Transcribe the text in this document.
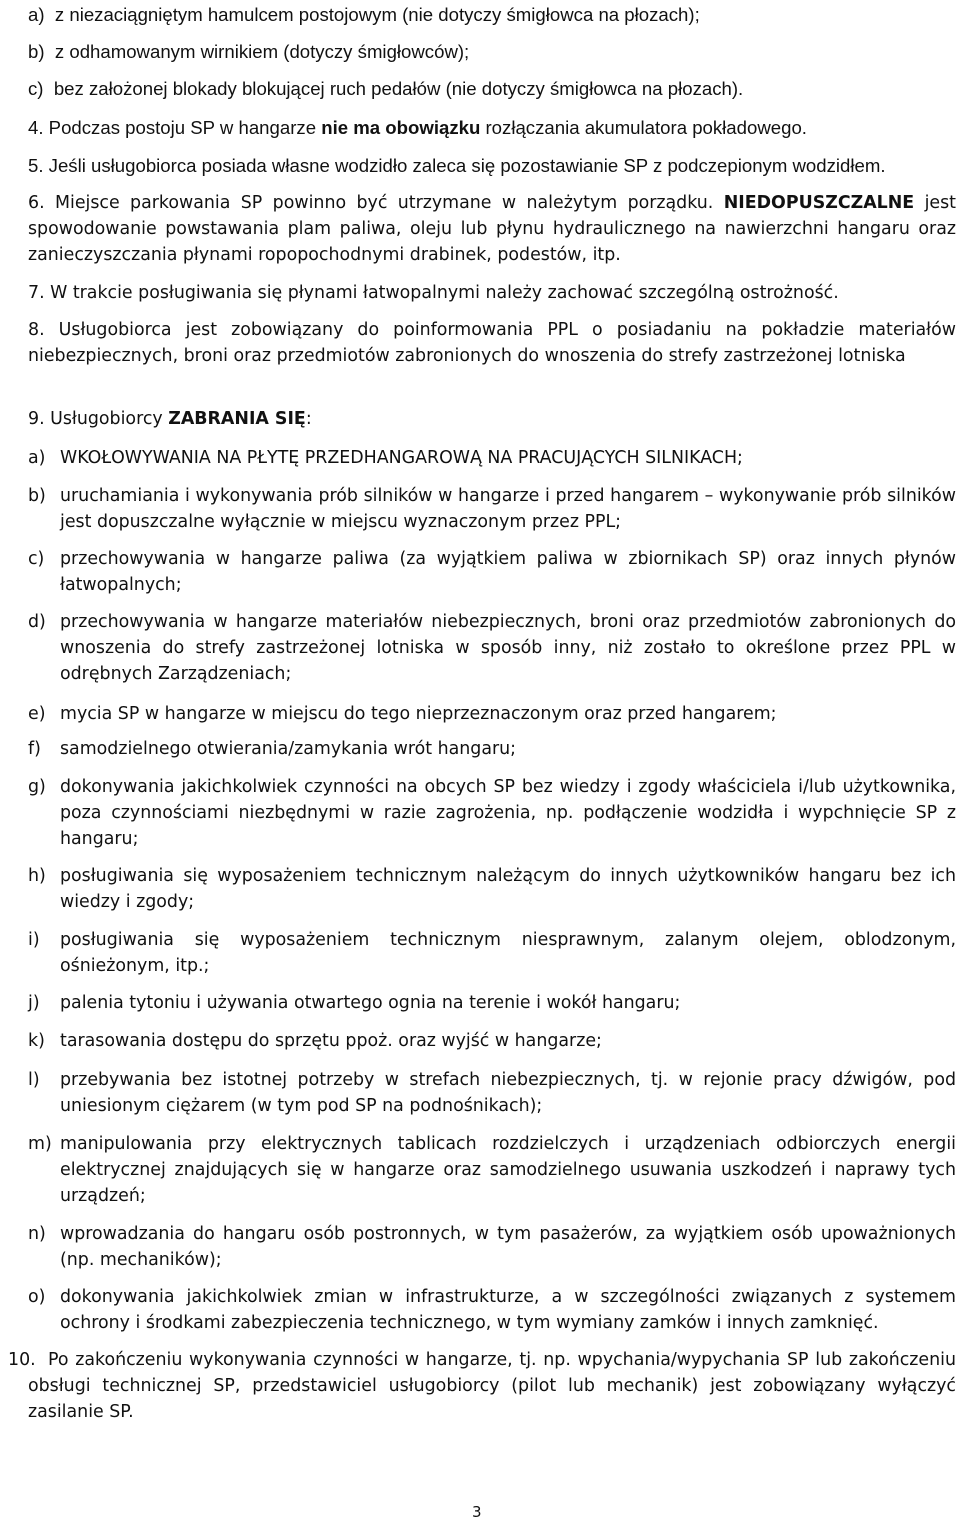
a) z niezaciągniętym hamulcem postojowym (nie dotyczy śmigłowca na płozach);

b) z odhamowanym wirnikiem (dotyczy śmigłowców);

c) bez założonej blokady blokującej ruch pedałów (nie dotyczy śmigłowca na płozach).

4. Podczas postoju SP w hangarze nie ma obowiązku rozłączania akumulatora pokładowego.

5. Jeśli usługobiorca posiada własne wodzidło zaleca się pozostawianie SP z podczepionym wodzidłem.

6. Miejsce parkowania SP powinno być utrzymane w należytym porządku. NIEDOPUSZCZALNE jest spowodowanie powstawania plam paliwa, oleju lub płynu hydraulicznego na nawierzchni hangaru oraz zanieczyszczania płynami ropopochodnymi drabinek, podestów, itp.

7. W trakcie posługiwania się płynami łatwopalnymi należy zachować szczególną ostrożność.

8. Usługobiorca jest zobowiązany do poinformowania PPL o posiadaniu na pokładzie materiałów niebezpiecznych, broni oraz przedmiotów zabronionych do wnoszenia do strefy zastrzeżonej lotniska

9. Usługobiorcy ZABRANIA SIĘ:

a) WKOŁOWYWANIA NA PŁYTĘ PRZEDHANGAROWĄ NA PRACUJĄCYCH SILNIKACH;
b) uruchamiania i wykonywania prób silników w hangarze i przed hangarem – wykonywanie prób silników jest dopuszczalne wyłącznie w miejscu wyznaczonym przez PPL;
c) przechowywania w hangarze paliwa (za wyjątkiem paliwa w zbiornikach SP) oraz innych płynów łatwopalnych;
d) przechowywania w hangarze materiałów niebezpiecznych, broni oraz przedmiotów zabronionych do wnoszenia do strefy zastrzeżonej lotniska w sposób inny, niż zostało to określone przez PPL w odrębnych Zarządzeniach;
e) mycia SP w hangarze w miejscu do tego nieprzeznaczonym oraz przed hangarem;
f) samodzielnego otwierania/zamykania wrót hangaru;
g) dokonywania jakichkolwiek czynności na obcych SP bez wiedzy i zgody właściciela i/lub użytkownika, poza czynnościami niezbędnymi w razie zagrożenia, np. podłączenie wodzidła i wypchnięcie SP z hangaru;
h) posługiwania się wyposażeniem technicznym należącym do innych użytkowników hangaru bez ich wiedzy i zgody;
i) posługiwania się wyposażeniem technicznym niesprawnym, zalanym olejem, oblodzonym, ośnieżonym, itp.;
j) palenia tytoniu i używania otwartego ognia na terenie i wokół hangaru;
k) tarasowania dostępu do sprzętu ppoż. oraz wyjść w hangarze;
l) przebywania bez istotnej potrzeby w strefach niebezpiecznych, tj. w rejonie pracy dźwigów, pod uniesionym ciężarem (w tym pod SP na podnośnikach);
m) manipulowania przy elektrycznych tablicach rozdzielczych i urządzeniach odbiorczych energii elektrycznej znajdujących się w hangarze oraz samodzielnego usuwania uszkodzeń i naprawy tych urządzeń;
n) wprowadzania do hangaru osób postronnych, w tym pasażerów, za wyjątkiem osób upoważnionych (np. mechaników);
o) dokonywania jakichkolwiek zmian w infrastrukturze, a w szczególności związanych z systemem ochrony i środkami zabezpieczenia technicznego, w tym wymiany zamków i innych zamknięć.
10. Po zakończeniu wykonywania czynności w hangarze, tj. np. wpychania/wypychania SP lub zakończeniu obsługi technicznej SP, przedstawiciel usługobiorcy (pilot lub mechanik) jest zobowiązany wyłączyć zasilanie SP.
3
